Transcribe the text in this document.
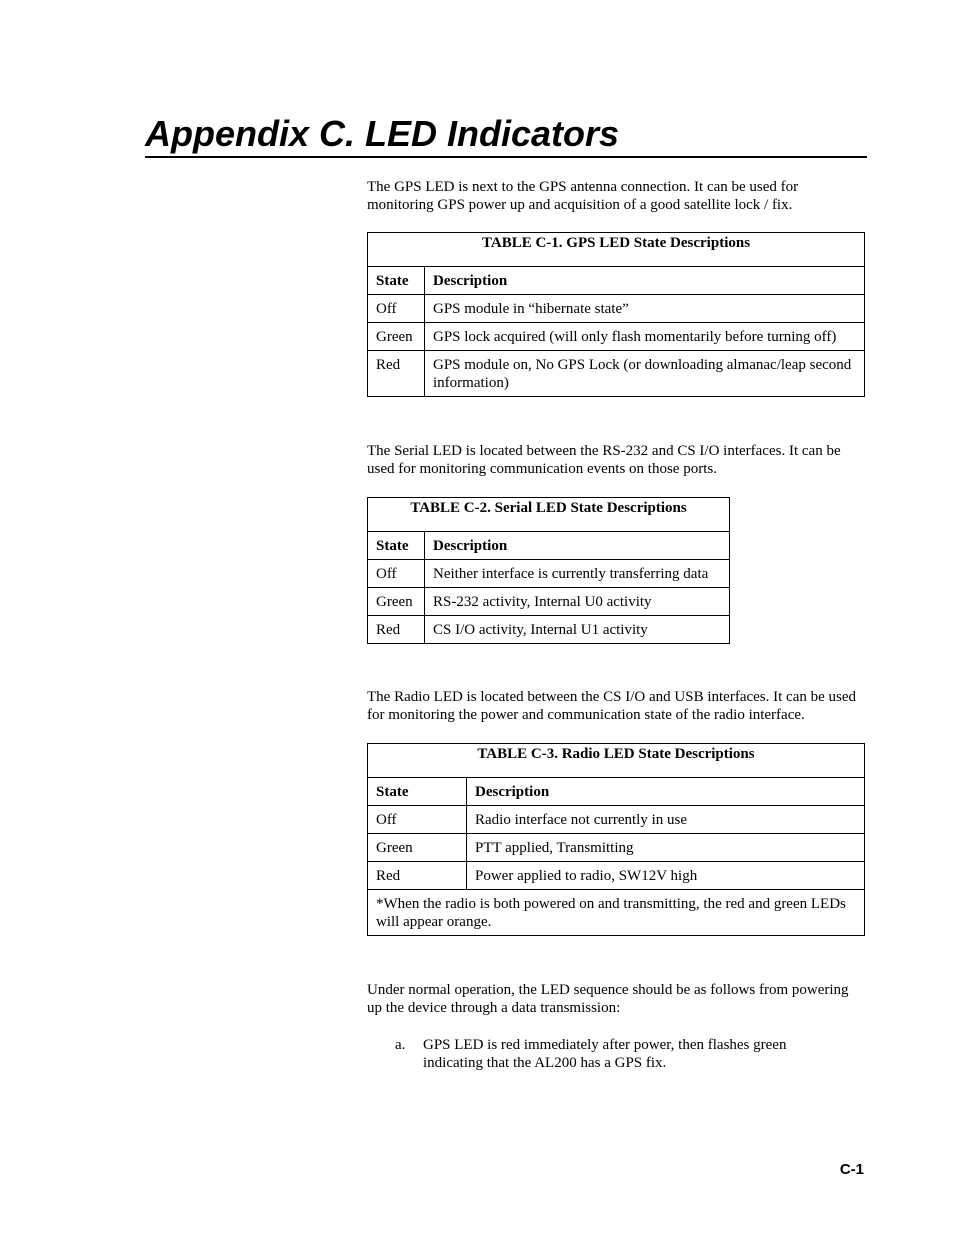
Appendix C. LED Indicators

The GPS LED is next to the GPS antenna connection. It can be used for monitoring GPS power up and acquisition of a good satellite lock / fix.

TABLE C-1. GPS LED State Descriptions	
State	Description
Off	GPS module in “hibernate state”
Green	GPS lock acquired (will only flash momentarily before turning off)
Red	GPS module on, No GPS Lock (or downloading almanac/leap second information)

The Serial LED is located between the RS-232 and CS I/O interfaces. It can be used for monitoring communication events on those ports.

TABLE C-2. Serial LED State Descriptions	
State	Description
Off	Neither interface is currently transferring data
Green	RS-232 activity, Internal U0 activity
Red	CS I/O activity, Internal U1 activity

The Radio LED is located between the CS I/O and USB interfaces. It can be used for monitoring the power and communication state of the radio interface.

TABLE C-3. Radio LED State Descriptions	
State	Description
Off	Radio interface not currently in use
Green	PTT applied, Transmitting
Red	Power applied to radio, SW12V high
*When the radio is both powered on and transmitting, the red and green LEDs will appear orange.	

Under normal operation, the LED sequence should be as follows from powering up the device through a data transmission:

a. GPS LED is red immediately after power, then flashes green indicating that the AL200 has a GPS fix.
C-1
